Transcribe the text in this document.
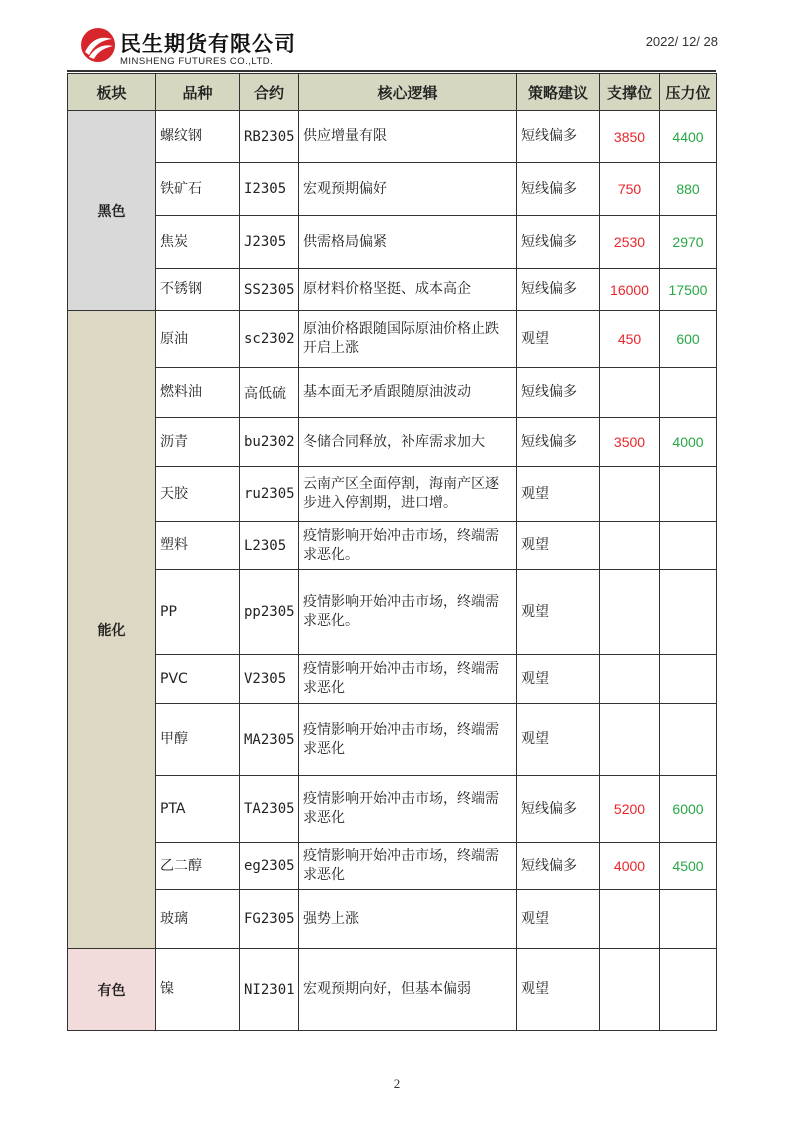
民生期货有限公司
MINSHENG FUTURES CO.,LTD.
2022/ 12/ 28
板块	品种	合约	核心逻辑	策略建议	支撑位	压力位
黑色	螺纹钢	RB2305	供应增量有限	短线偏多	3850	4400
	铁矿石	I2305	宏观预期偏好	短线偏多	750	880
	焦炭	J2305	供需格局偏紧	短线偏多	2530	2970
	不锈钢	SS2305	原材料价格坚挺、成本高企	短线偏多	16000	17500
能化	原油	sc2302	原油价格跟随国际原油价格止跌开启上涨	观望	450	600
	燃料油	高低硫	基本面无矛盾跟随原油波动	短线偏多		
	沥青	bu2302	冬储合同释放，补库需求加大	短线偏多	3500	4000
	天胶	ru2305	云南产区全面停割，海南产区逐步进入停割期，进口增。	观望		
	塑料	L2305	疫情影响开始冲击市场，终端需求恶化。	观望		
	PP	pp2305	疫情影响开始冲击市场，终端需求恶化。	观望		
	PVC	V2305	疫情影响开始冲击市场，终端需求恶化	观望		
	甲醇	MA2305	疫情影响开始冲击市场，终端需求恶化	观望		
	PTA	TA2305	疫情影响开始冲击市场，终端需求恶化	短线偏多	5200	6000
	乙二醇	eg2305	疫情影响开始冲击市场，终端需求恶化	短线偏多	4000	4500
	玻璃	FG2305	强势上涨	观望		
有色	镍	NI2301	宏观预期向好，但基本偏弱	观望		
2
